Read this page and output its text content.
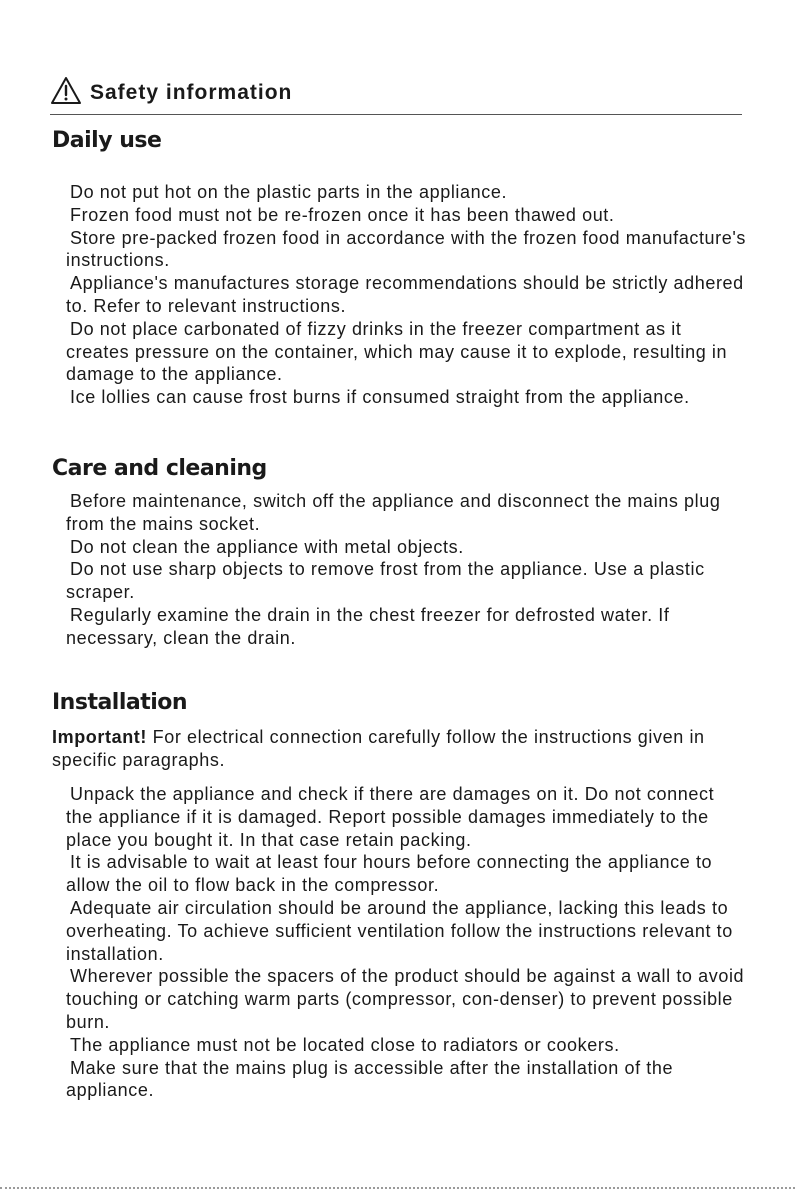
Safety information
Daily use
Do not put hot on the plastic parts in the appliance.
Frozen food must not be re-frozen once it has been thawed out.
Store pre-packed frozen food in accordance with the frozen food manufacture's instructions.
Appliance's manufactures storage recommendations should be strictly adhered to. Refer to relevant instructions.
Do not place carbonated of fizzy drinks in the freezer compartment as it creates pressure on the container, which may cause it to explode, resulting in damage to the appliance.
Ice lollies can cause frost burns if consumed straight from the appliance.
Care and cleaning
Before maintenance, switch off the appliance and disconnect the mains plug from the mains socket.
Do not clean the appliance with metal objects.
Do not use sharp objects to remove frost from the appliance. Use a plastic scraper.
Regularly examine the drain in the chest freezer for defrosted water. If necessary, clean the drain.
Installation
Important! For electrical connection carefully follow the instructions given in specific paragraphs.
Unpack the appliance and check if there are damages on it. Do not connect the appliance if it is damaged. Report possible damages immediately to the place you bought it. In that case retain packing.
It is advisable to wait at least four hours before connecting the appliance to allow the oil to flow back in the compressor.
Adequate air circulation should be around the appliance, lacking this leads to overheating. To achieve sufficient ventilation follow the instructions relevant to installation.
Wherever possible the spacers of the product should be against a wall to avoid touching or catching warm parts (compressor, con-denser) to prevent possible burn.
The appliance must not be located close to radiators or cookers.
Make sure that the mains plug is accessible after the installation of the appliance.
